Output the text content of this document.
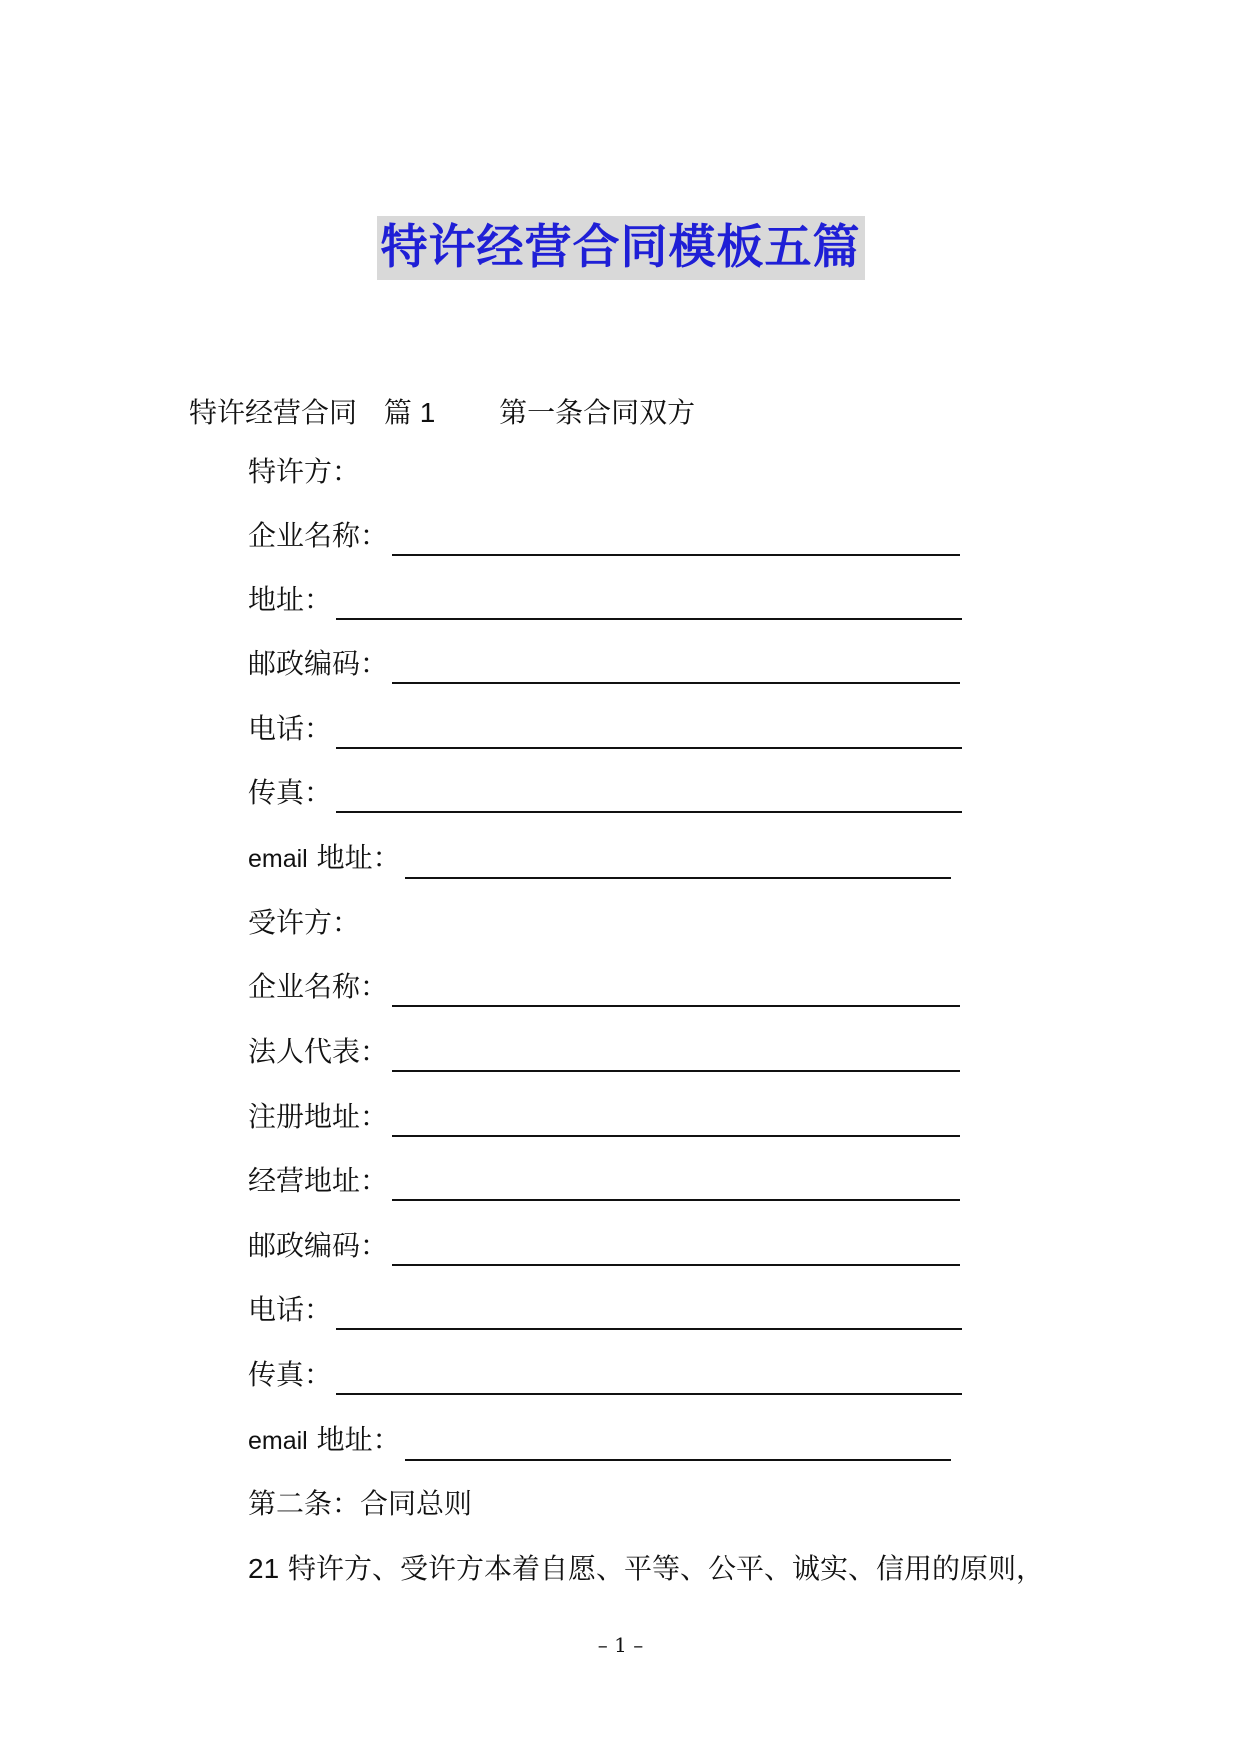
特许经营合同模板五篇
特许经营合同 篇 1 第一条合同双方
特许方：
企业名称：
地址：
邮政编码：
电话：
传真：
email 地址：
受许方：
企业名称：
法人代表：
注册地址：
经营地址：
邮政编码：
电话：
传真：
email 地址：
第二条：合同总则
21 特许方、受许方本着自愿、平等、公平、诚实、信用的原则，
– 1 –
